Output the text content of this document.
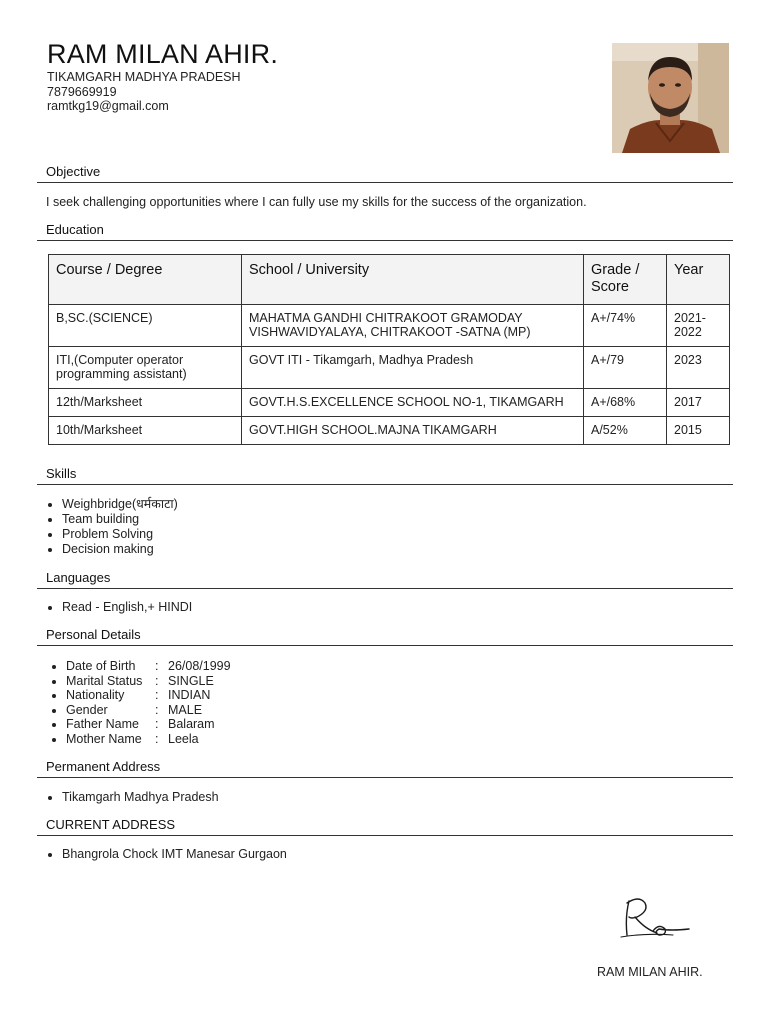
RAM MILAN AHIR.
TIKAMGARH MADHYA PRADESH
7879669919
ramtkg19@gmail.com
Objective
I seek challenging opportunities where I can fully use my skills for the success of the organization.
Education
Course / Degree	School / University	Grade / Score	Year
B,SC.(SCIENCE)	MAHATMA GANDHI CHITRAKOOT GRAMODAY VISHWAVIDYALAYA, CHITRAKOOT -SATNA (MP)	A+/74%	2021-2022
ITI,(Computer operator programming assistant)	GOVT ITI - Tikamgarh, Madhya Pradesh	A+/79	2023
12th/Marksheet	GOVT.H.S.EXCELLENCE SCHOOL NO-1, TIKAMGARH	A+/68%	2017
10th/Marksheet	GOVT.HIGH SCHOOL.MAJNA TIKAMGARH	A/52%	2015
Skills
• Weighbridge(धर्मकाटा)
• Team building
• Problem Solving
• Decision making
Languages
• Read - English,+ HINDI
Personal Details
• Date of Birth : 26/08/1999
• Marital Status : SINGLE
• Nationality : INDIAN
• Gender	: MALE
• Father Name : Balaram
• Mother Name : Leela
Permanent Address
• Tikamgarh Madhya Pradesh
CURRENT ADDRESS
• Bhangrola Chock IMT Manesar Gurgaon
RAM MILAN AHIR.
